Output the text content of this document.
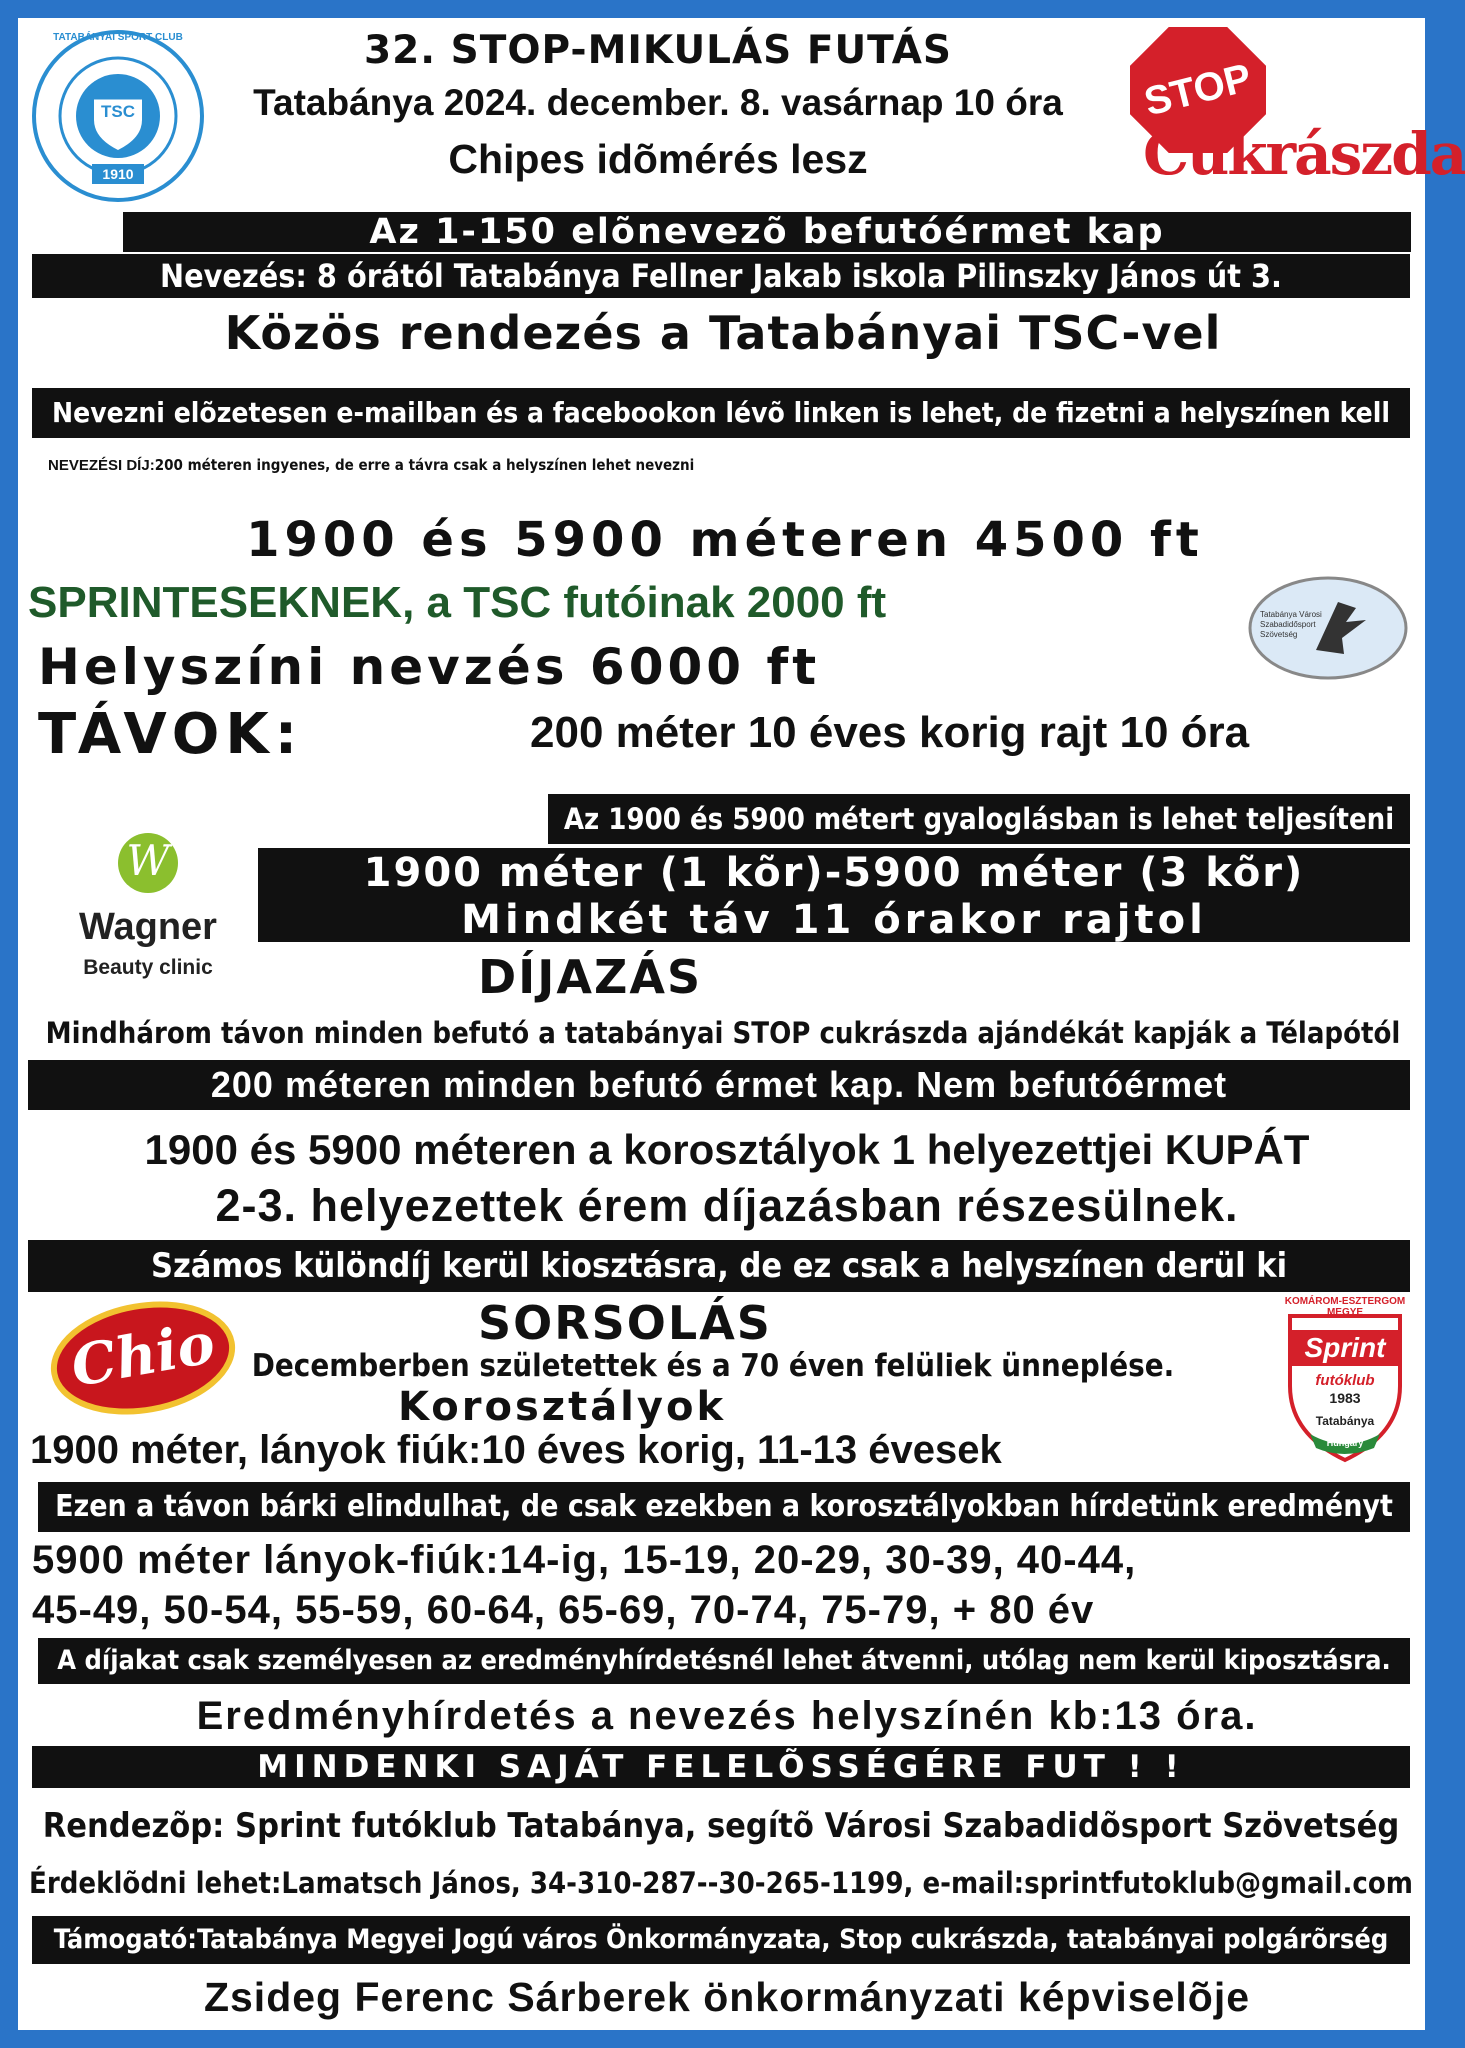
TATABÁNYAI SPORT CLUB
TSC
1910
32. STOP-MIKULÁS FUTÁS
Tatabánya 2024. december. 8. vasárnap 10 óra
Chipes idõmérés lesz
STOP
Cukrászda
Az 1-150 elõnevezõ befutóérmet kap
Nevezés: 8 órától Tatabánya Fellner Jakab iskola Pilinszky János út 3.
Közös rendezés a Tatabányai TSC-vel
Nevezni elõzetesen e-mailban és a facebookon lévõ linken is lehet, de fizetni a helyszínen kell
NEVEZÉSI DÍJ:200 méteren ingyenes, de erre a távra csak a helyszínen lehet nevezni
1900 és 5900 méteren 4500 ft
SPRINTESEKNEK, a TSC futóinak 2000 ft	Tatabánya Városi Szabadidősport Szövetség
Helyszíni nevzés 6000 ft
TÁVOK:	200 méter 10 éves korig rajt 10 óra
Az 1900 és 5900 métert gyaloglásban is lehet teljesíteni
W
Wagner
Beauty clinic
1900 méter (1 kõr)-5900 méter (3 kõr)
Mindkét táv 11 órakor rajtol
DÍJAZÁS
Mindhárom távon minden befutó a tatabányai STOP cukrászda ajándékát kapják a Télapótól
200 méteren minden befutó érmet kap. Nem befutóérmet
1900 és 5900 méteren a korosztályok 1 helyezettjei KUPÁT
2-3. helyezettek érem díjazásban részesülnek.
Számos különdíj kerül kiosztásra, de ez csak a helyszínen derül ki
Chio	SORSOLÁS
Decemberben születettek és a 70 éven felüliek ünneplése.
Korosztályok
KOMÁROM-ESZTERGOM MEGYE
Sprint
futóklub
1983
Tatabánya
Hungary
1900 méter, lányok fiúk:10 éves korig, 11-13 évesek
Ezen a távon bárki elindulhat, de csak ezekben a korosztályokban hírdetünk eredményt
5900 méter lányok-fiúk:14-ig, 15-19, 20-29, 30-39, 40-44,
45-49, 50-54, 55-59, 60-64, 65-69, 70-74, 75-79, + 80 év
A díjakat csak személyesen az eredményhírdetésnél lehet átvenni, utólag nem kerül kiposztásra.
Eredményhírdetés a nevezés helyszínén kb:13 óra.
MINDENKI SAJÁT FELELÕSSÉGÉRE FUT ! !
Rendezõp: Sprint futóklub Tatabánya, segítõ Városi Szabadidõsport Szövetség
Érdeklõdni lehet:Lamatsch János, 34-310-287--30-265-1199, e-mail:sprintfutoklub@gmail.com
Támogató:Tatabánya Megyei Jogú város Önkormányzata, Stop cukrászda, tatabányai polgárõrség
Zsideg Ferenc Sárberek önkormányzati képviselõje
